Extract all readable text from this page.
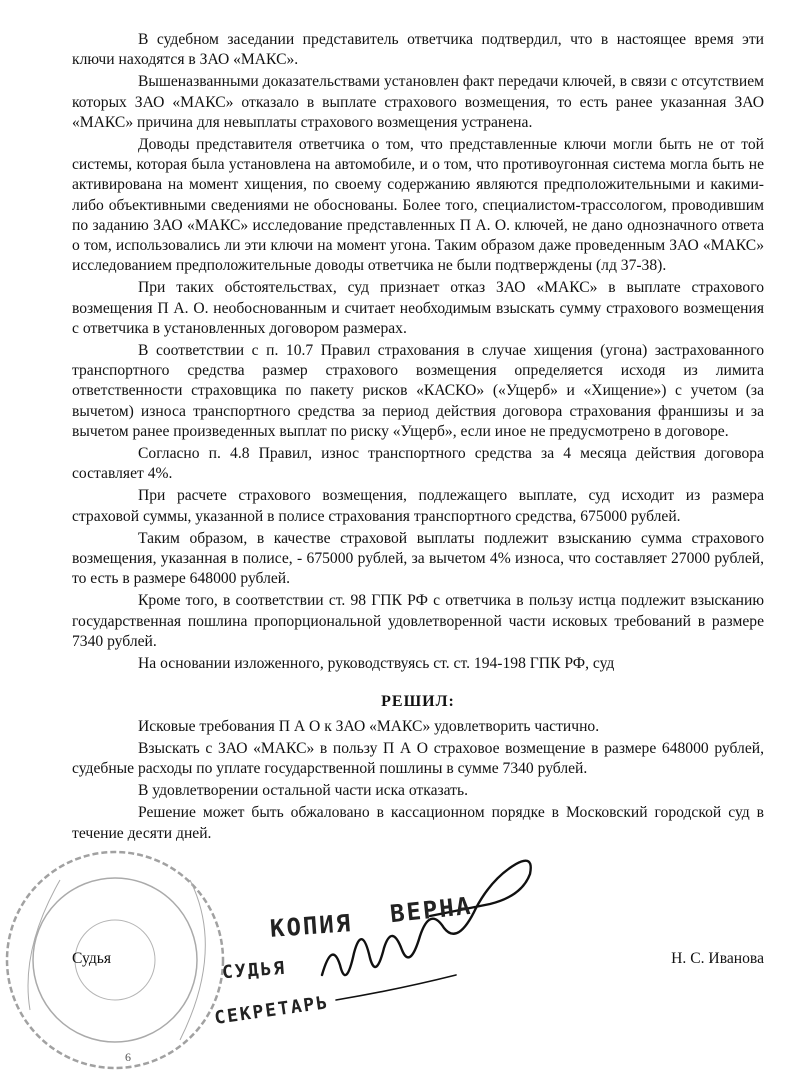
В судебном заседании представитель ответчика подтвердил, что в настоящее время эти ключи находятся в ЗАО «МАКС».

Вышеназванными доказательствами установлен факт передачи ключей, в связи с отсутствием которых ЗАО «МАКС» отказало в выплате страхового возмещения, то есть ранее указанная ЗАО «МАКС» причина для невыплаты страхового возмещения устранена.

Доводы представителя ответчика о том, что представленные ключи могли быть не от той системы, которая была установлена на автомобиле, и о том, что противоугонная система могла быть не активирована на момент хищения, по своему содержанию являются предположительными и какими-либо объективными сведениями не обоснованы. Более того, специалистом-трассологом, проводившим по заданию ЗАО «МАКС» исследование представленных П А. О. ключей, не дано однозначного ответа о том, использовались ли эти ключи на момент угона. Таким образом даже проведенным ЗАО «МАКС» исследованием предположительные доводы ответчика не были подтверждены (лд 37-38).

При таких обстоятельствах, суд признает отказ ЗАО «МАКС» в выплате страхового возмещения П А. О. необоснованным и считает необходимым взыскать сумму страхового возмещения с ответчика в установленных договором размерах.

В соответствии с п. 10.7 Правил страхования в случае хищения (угона) застрахованного транспортного средства размер страхового возмещения определяется исходя из лимита ответственности страховщика по пакету рисков «КАСКО» («Ущерб» и «Хищение») с учетом (за вычетом) износа транспортного средства за период действия договора страхования франшизы и за вычетом ранее произведенных выплат по риску «Ущерб», если иное не предусмотрено в договоре.

Согласно п. 4.8 Правил, износ транспортного средства за 4 месяца действия договора составляет 4%.

При расчете страхового возмещения, подлежащего выплате, суд исходит из размера страховой суммы, указанной в полисе страхования транспортного средства, 675000 рублей.

Таким образом, в качестве страховой выплаты подлежит взысканию сумма страхового возмещения, указанная в полисе, - 675000 рублей, за вычетом 4% износа, что составляет 27000 рублей, то есть в размере 648000 рублей.

Кроме того, в соответствии ст. 98 ГПК РФ с ответчика в пользу истца подлежит взысканию государственная пошлина пропорциональной удовлетворенной части исковых требований в размере 7340 рублей.

На основании изложенного, руководствуясь ст. ст. 194-198 ГПК РФ, суд

РЕШИЛ:

Исковые требования П А О к ЗАО «МАКС» удовлетворить частично.

Взыскать с ЗАО «МАКС» в пользу П А О страховое возмещение в размере 648000 рублей, судебные расходы по уплате государственной пошлины в сумме 7340 рублей.

В удовлетворении остальной части иска отказать.

Решение может быть обжаловано в кассационном порядке в Московский городской суд в течение десяти дней.

КОПИЯ ВЕРНА
СУДЬЯ
СЕКРЕТАРЬ
Судья	Н. С. Иванова
6
